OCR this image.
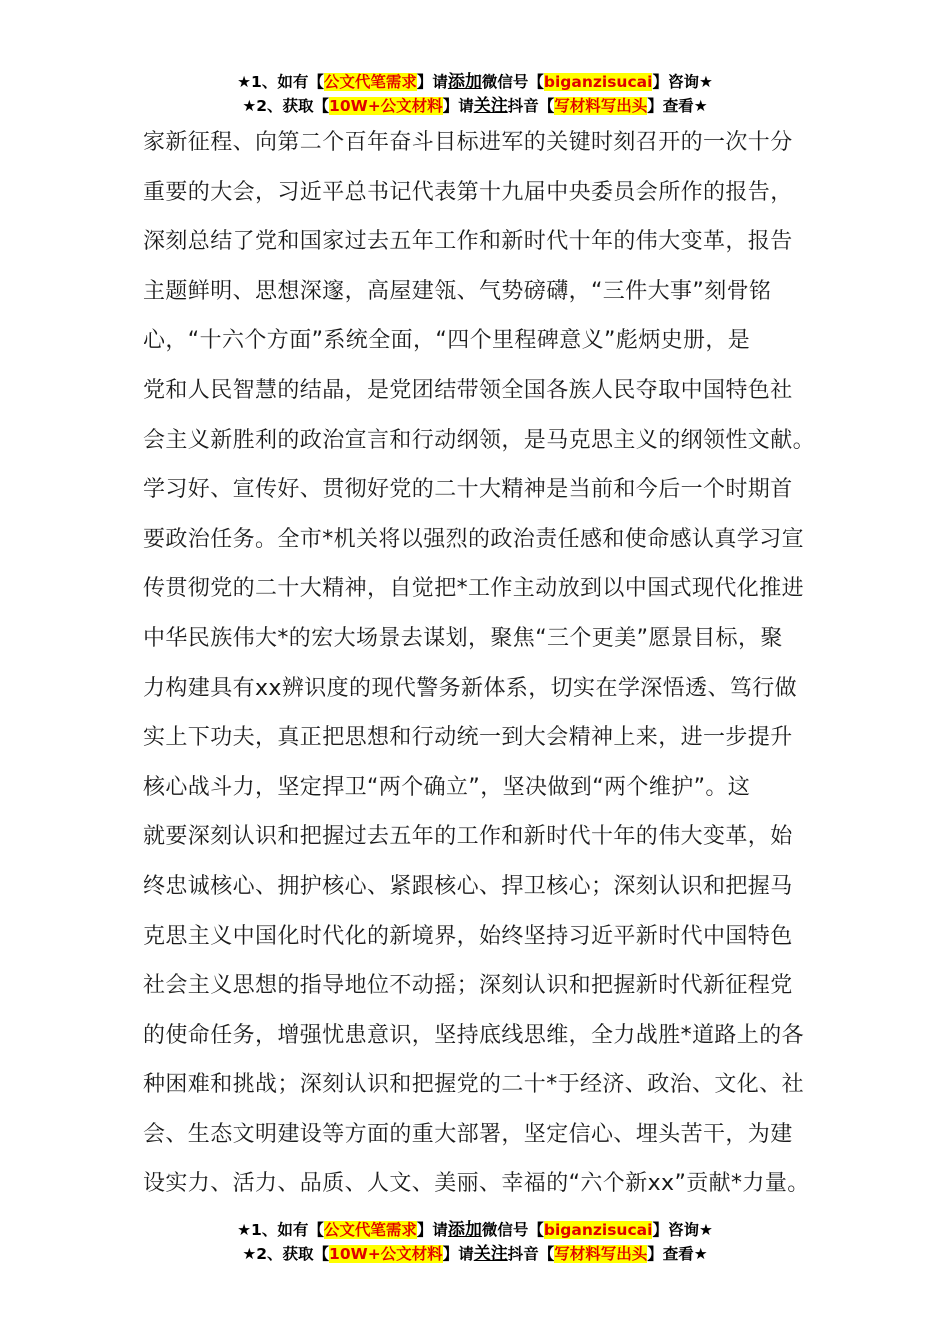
★1、如有【公文代笔需求】请添加微信号【biganzisucai】咨询★
★2、获取【10W+公文材料】请关注抖音【写材料写出头】查看★
家新征程、向第二个百年奋斗目标进军的关键时刻召开的一次十分
重要的大会，习近平总书记代表第十九届中央委员会所作的报告，
深刻总结了党和国家过去五年工作和新时代十年的伟大变革，报告
主题鲜明、思想深邃，高屋建瓴、气势磅礴，“三件大事”刻骨铭
心，“十六个方面”系统全面，“四个里程碑意义”彪炳史册，是
党和人民智慧的结晶，是党团结带领全国各族人民夺取中国特色社
会主义新胜利的政治宣言和行动纲领，是马克思主义的纲领性文献。
学习好、宣传好、贯彻好党的二十大精神是当前和今后一个时期首
要政治任务。全市*机关将以强烈的政治责任感和使命感认真学习宣
传贯彻党的二十大精神，自觉把*工作主动放到以中国式现代化推进
中华民族伟大*的宏大场景去谋划，聚焦“三个更美”愿景目标，聚
力构建具有xx辨识度的现代警务新体系，切实在学深悟透、笃行做
实上下功夫，真正把思想和行动统一到大会精神上来，进一步提升
核心战斗力，坚定捍卫“两个确立”，坚决做到“两个维护”。这
就要深刻认识和把握过去五年的工作和新时代十年的伟大变革，始
终忠诚核心、拥护核心、紧跟核心、捍卫核心；深刻认识和把握马
克思主义中国化时代化的新境界，始终坚持习近平新时代中国特色
社会主义思想的指导地位不动摇；深刻认识和把握新时代新征程党
的使命任务，增强忧患意识，坚持底线思维，全力战胜*道路上的各
种困难和挑战；深刻认识和把握党的二十*于经济、政治、文化、社
会、生态文明建设等方面的重大部署，坚定信心、埋头苦干，为建
设实力、活力、品质、人文、美丽、幸福的“六个新xx”贡献*力量。
★1、如有【公文代笔需求】请添加微信号【biganzisucai】咨询★
★2、获取【10W+公文材料】请关注抖音【写材料写出头】查看★
